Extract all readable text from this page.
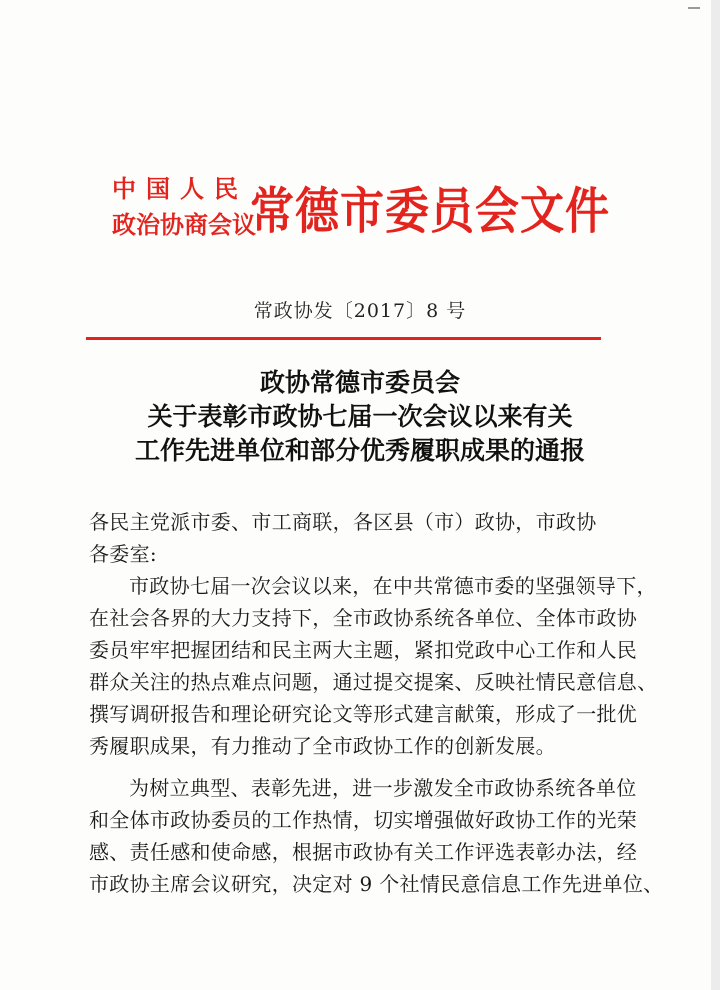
中国人民
政治协商会议
常德市委员会文件
常政协发〔2017〕8 号
政协常德市委员会
关于表彰市政协七届一次会议以来有关
工作先进单位和部分优秀履职成果的通报

各民主党派市委、市工商联，各区县（市）政协，市政协各委室:

市政协七届一次会议以来，在中共常德市委的坚强领导下，

在社会各界的大力支持下，全市政协系统各单位、全体市政协
委员牢牢把握团结和民主两大主题，紧扣党政中心工作和人民
群众关注的热点难点问题，通过提交提案、反映社情民意信息、
撰写调研报告和理论研究论文等形式建言献策，形成了一批优
秀履职成果，有力推动了全市政协工作的创新发展。

为树立典型、表彰先进，进一步激发全市政协系统各单位

和全体市政协委员的工作热情，切实增强做好政协工作的光荣
感、责任感和使命感，根据市政协有关工作评选表彰办法，经
市政协主席会议研究，决定对 9 个社情民意信息工作先进单位、
